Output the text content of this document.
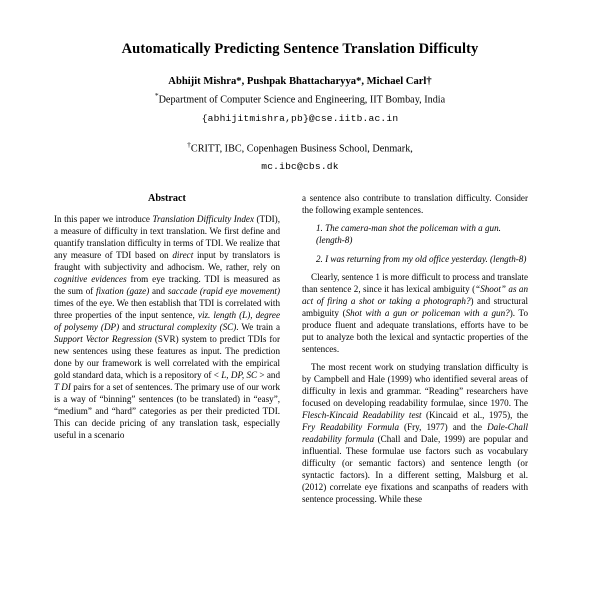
Automatically Predicting Sentence Translation Difficulty
Abhijit Mishra*, Pushpak Bhattacharyya*, Michael Carl†
*Department of Computer Science and Engineering, IIT Bombay, India
{abhijitmishra,pb}@cse.iitb.ac.in
†CRITT, IBC, Copenhagen Business School, Denmark,
mc.ibc@cbs.dk
Abstract

In this paper we introduce Translation Difficulty Index (TDI), a measure of difficulty in text translation. We first define and quantify translation difficulty in terms of TDI. We realize that any measure of TDI based on direct input by translators is fraught with subjectivity and adhocism. We, rather, rely on cognitive evidences from eye tracking. TDI is measured as the sum of fixation (gaze) and saccade (rapid eye movement) times of the eye. We then establish that TDI is correlated with three properties of the input sentence, viz. length (L), degree of polysemy (DP) and structural complexity (SC). We train a Support Vector Regression (SVR) system to predict TDIs for new sentences using these features as input. The prediction done by our framework is well correlated with the empirical gold standard data, which is a repository of < L, DP, SC > and T DI pairs for a set of sentences. The primary use of our work is a way of “binning” sentences (to be translated) in “easy”, “medium” and “hard” categories as per their predicted TDI. This can decide pricing of any translation task, especially useful in a scenario

a sentence also contribute to translation difficulty. Consider the following example sentences.

1. The camera-man shot the policeman with a gun. (length-8)

2. I was returning from my old office yesterday. (length-8)

Clearly, sentence 1 is more difficult to process and translate than sentence 2, since it has lexical ambiguity (“Shoot” as an act of firing a shot or taking a photograph?) and structural ambiguity (Shot with a gun or policeman with a gun?). To produce fluent and adequate translations, efforts have to be put to analyze both the lexical and syntactic properties of the sentences.

The most recent work on studying translation difficulty is by Campbell and Hale (1999) who identified several areas of difficulty in lexis and grammar. “Reading” researchers have focused on developing readability formulae, since 1970. The Flesch-Kincaid Readability test (Kincaid et al., 1975), the Fry Readability Formula (Fry, 1977) and the Dale-Chall readability formula (Chall and Dale, 1999) are popular and influential. These formulae use factors such as vocabulary difficulty (or semantic factors) and sentence length (or syntactic factors). In a different setting, Malsburg et al. (2012) correlate eye fixations and scanpaths of readers with sentence processing. While these
